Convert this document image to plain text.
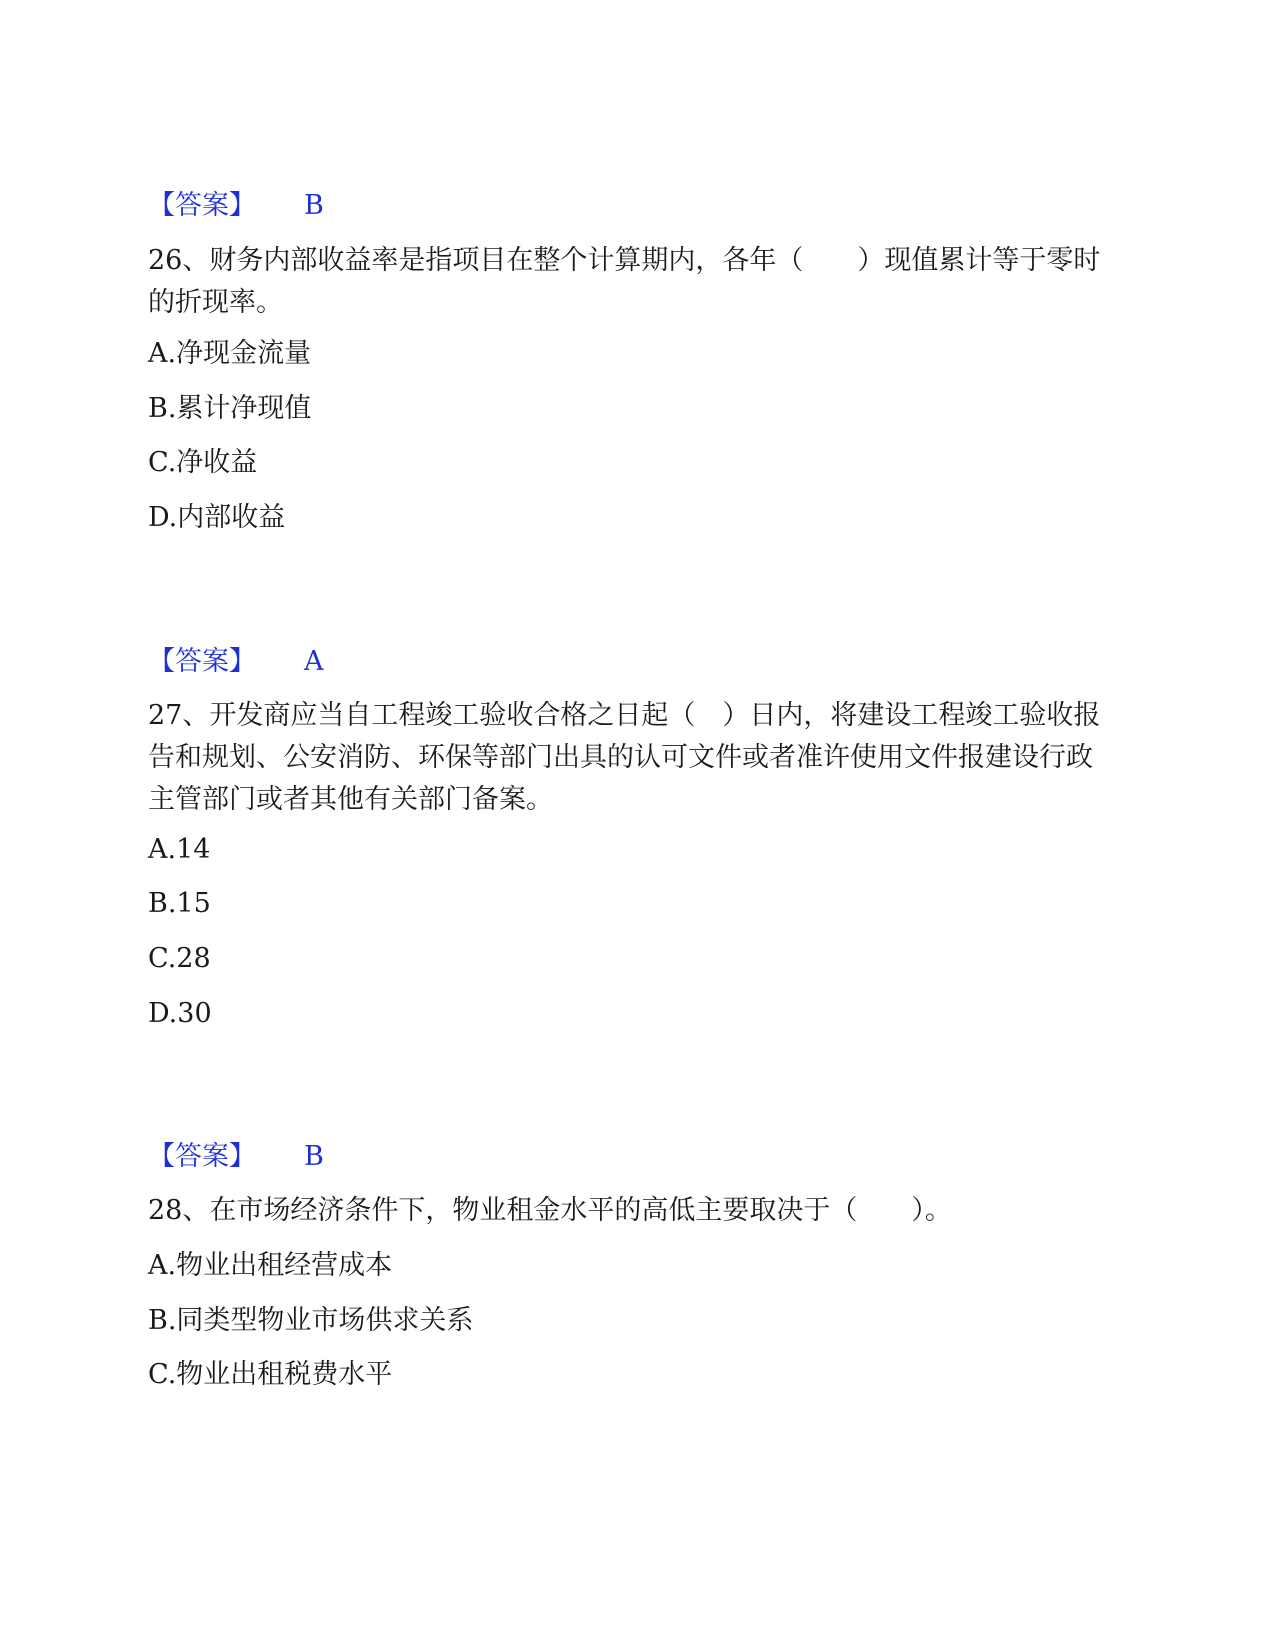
【答案】 B
26、财务内部收益率是指项目在整个计算期内，各年（　　）现值累计等于零时的折现率。
A.净现金流量
B.累计净现值
C.净收益
D.内部收益
【答案】 A
27、开发商应当自工程竣工验收合格之日起（　）日内，将建设工程竣工验收报告和规划、公安消防、环保等部门出具的认可文件或者准许使用文件报建设行政主管部门或者其他有关部门备案。
A.14
B.15
C.28
D.30
【答案】 B
28、在市场经济条件下，物业租金水平的高低主要取决于（　　）。
A.物业出租经营成本
B.同类型物业市场供求关系
C.物业出租税费水平
